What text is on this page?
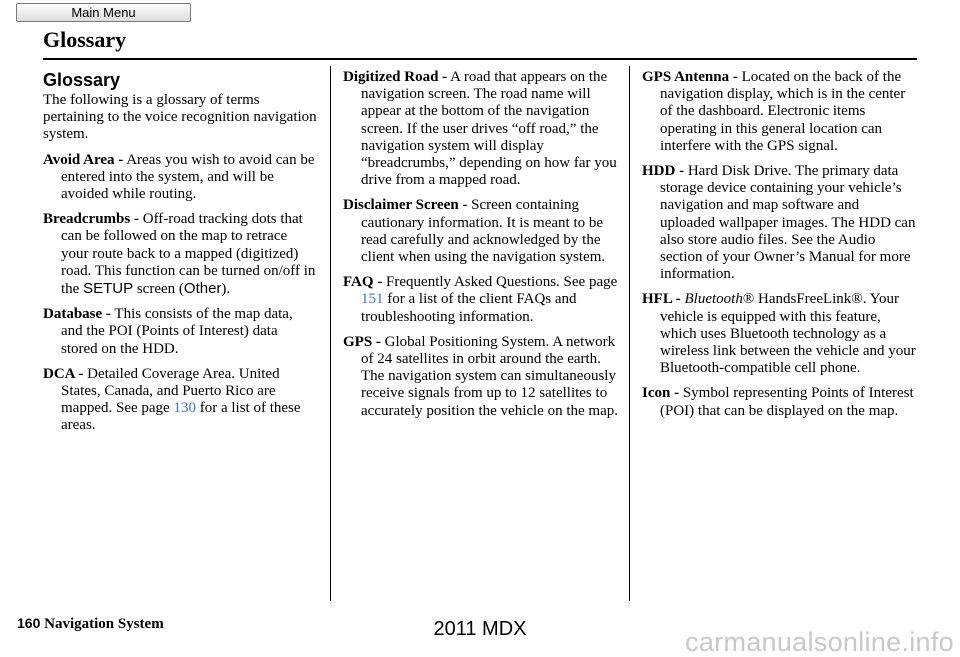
Main Menu
Glossary
Glossary

The following is a glossary of terms pertaining to the voice recognition navigation system.

Avoid Area - Areas you wish to avoid can be entered into the system, and will be avoided while routing.

Breadcrumbs - Off-road tracking dots that can be followed on the map to retrace your route back to a mapped (digitized) road. This function can be turned on/off in the SETUP screen (Other).

Database - This consists of the map data, and the POI (Points of Interest) data stored on the HDD.

DCA - Detailed Coverage Area. United States, Canada, and Puerto Rico are mapped. See page 130 for a list of these areas.

Digitized Road - A road that appears on the navigation screen. The road name will appear at the bottom of the navigation screen. If the user drives “off road,” the navigation system will display “breadcrumbs,” depending on how far you drive from a mapped road.

Disclaimer Screen - Screen containing cautionary information. It is meant to be read carefully and acknowledged by the client when using the navigation system.

FAQ - Frequently Asked Questions. See page 151 for a list of the client FAQs and troubleshooting information.

GPS - Global Positioning System. A network of 24 satellites in orbit around the earth. The navigation system can simultaneously receive signals from up to 12 satellites to accurately position the vehicle on the map.

GPS Antenna - Located on the back of the navigation display, which is in the center of the dashboard. Electronic items operating in this general location can interfere with the GPS signal.

HDD - Hard Disk Drive. The primary data storage device containing your vehicle’s navigation and map software and uploaded wallpaper images. The HDD can also store audio files. See the Audio section of your Owner’s Manual for more information.

HFL - Bluetooth® HandsFreeLink®. Your vehicle is equipped with this feature, which uses Bluetooth technology as a wireless link between the vehicle and your Bluetooth-compatible cell phone.

Icon - Symbol representing Points of Interest (POI) that can be displayed on the map.

160 Navigation System	2011 MDX	carmanualsonline.info
